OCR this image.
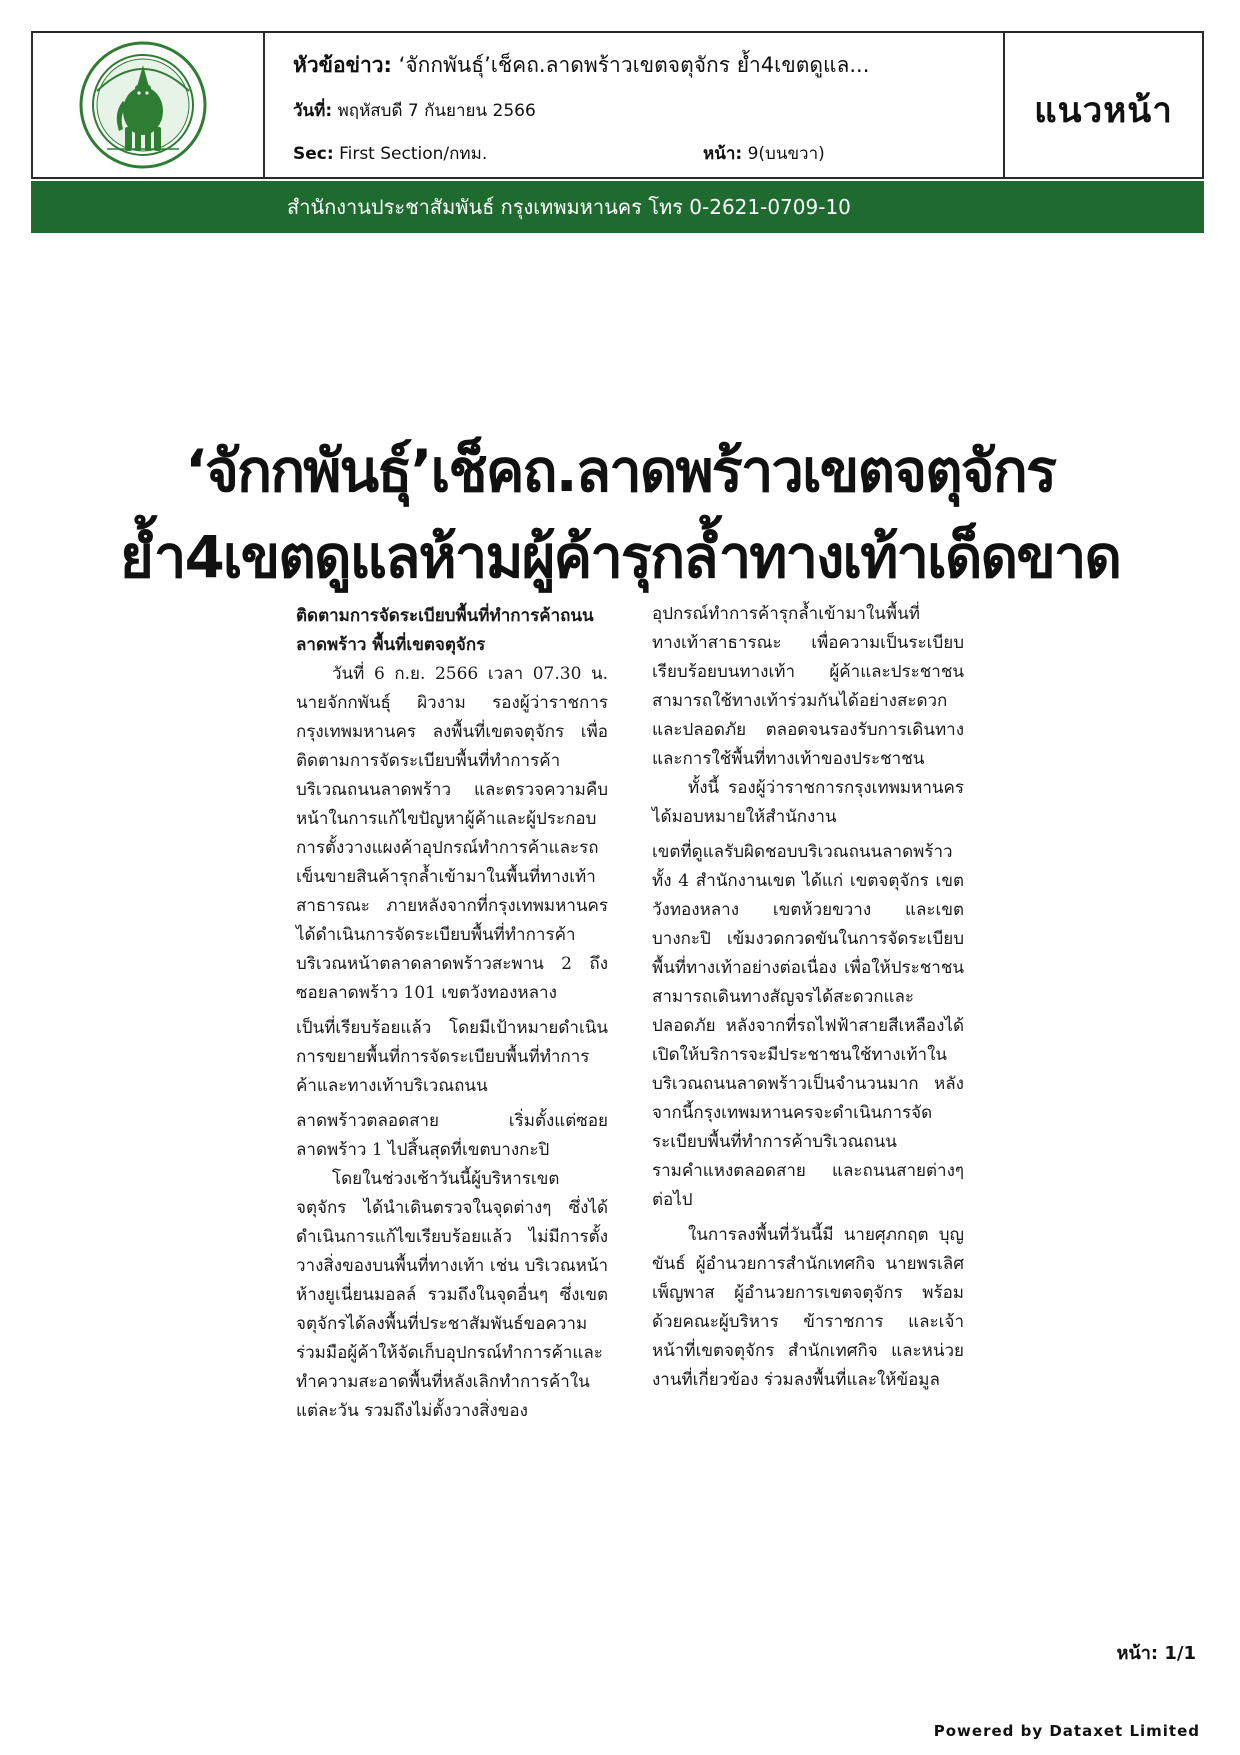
หัวข้อข่าว: ‘จักกพันธุ์’เช็คถ.ลาดพร้าวเขตจตุจักร ย้ำ4เขตดูแล...
วันที่: พฤหัสบดี 7 กันยายน 2566
Sec: First Section/กทม.	หน้า: 9(บนขวา)
แนวหน้า
สำนักงานประชาสัมพันธ์ กรุงเทพมหานคร โทร 0-2621-0709-10
‘จักกพันธุ์’เช็คถ.ลาดพร้าวเขตจตุจักร
ย้ำ4เขตดูแลห้ามผู้ค้ารุกล้ำทางเท้าเด็ดขาด

ติดตามการจัดระเบียบพื้นที่ทำการค้าถนนลาดพร้าว พื้นที่เขตจตุจักร

วันที่ 6 ก.ย. 2566 เวลา 07.30 น. นายจักกพันธุ์ ผิวงาม รองผู้ว่าราชการกรุงเทพมหานคร ลงพื้นที่เขตจตุจักร เพื่อติดตามการจัดระเบียบพื้นที่ทำการค้าบริเวณถนนลาดพร้าว และตรวจความคืบหน้าในการแก้ไขปัญหาผู้ค้าและผู้ประกอบการตั้งวางแผงค้าอุปกรณ์ทำการค้าและรถเข็นขายสินค้ารุกล้ำเข้ามาในพื้นที่ทางเท้าสาธารณะ ภายหลังจากที่กรุงเทพมหานครได้ดำเนินการจัดระเบียบพื้นที่ทำการค้าบริเวณหน้าตลาดลาดพร้าวสะพาน 2 ถึงซอยลาดพร้าว 101 เขตวังทองหลาง

เป็นที่เรียบร้อยแล้ว โดยมีเป้าหมายดำเนินการขยายพื้นที่การจัดระเบียบพื้นที่ทำการค้าและทางเท้าบริเวณถนน

ลาดพร้าวตลอดสาย เริ่มตั้งแต่ซอยลาดพร้าว 1 ไปสิ้นสุดที่เขตบางกะปิ

โดยในช่วงเช้าวันนี้ผู้บริหารเขตจตุจักร ได้นำเดินตรวจในจุดต่างๆ ซึ่งได้ดำเนินการแก้ไขเรียบร้อยแล้ว ไม่มีการตั้งวางสิ่งของบนพื้นที่ทางเท้า เช่น บริเวณหน้าห้างยูเนี่ยนมอลล์ รวมถึงในจุดอื่นๆ ซึ่งเขตจตุจักรได้ลงพื้นที่ประชาสัมพันธ์ขอความร่วมมือผู้ค้าให้จัดเก็บอุปกรณ์ทำการค้าและทำความสะอาดพื้นที่หลังเลิกทำการค้าในแต่ละวัน รวมถึงไม่ตั้งวางสิ่งของ

อุปกรณ์ทำการค้ารุกล้ำเข้ามาในพื้นที่ทางเท้าสาธารณะ เพื่อความเป็นระเบียบเรียบร้อยบนทางเท้า ผู้ค้าและประชาชนสามารถใช้ทางเท้าร่วมกันได้อย่างสะดวกและปลอดภัย ตลอดจนรองรับการเดินทางและการใช้พื้นที่ทางเท้าของประชาชน

ทั้งนี้ รองผู้ว่าราชการกรุงเทพมหานคร ได้มอบหมายให้สำนักงาน

เขตที่ดูแลรับผิดชอบบริเวณถนนลาดพร้าวทั้ง 4 สำนักงานเขต ได้แก่ เขตจตุจักร เขตวังทองหลาง เขตห้วยขวาง และเขตบางกะปิ เข้มงวดกวดขันในการจัดระเบียบพื้นที่ทางเท้าอย่างต่อเนื่อง เพื่อให้ประชาชนสามารถเดินทางสัญจรได้สะดวกและปลอดภัย หลังจากที่รถไฟฟ้าสายสีเหลืองได้เปิดให้บริการจะมีประชาชนใช้ทางเท้าในบริเวณถนนลาดพร้าวเป็นจำนวนมาก หลังจากนี้กรุงเทพมหานครจะดำเนินการจัดระเบียบพื้นที่ทำการค้าบริเวณถนนรามคำแหงตลอดสาย และถนนสายต่างๆ ต่อไป

ในการลงพื้นที่วันนี้มี นายศุภกฤต บุญขันธ์ ผู้อำนวยการสำนักเทศกิจ นายพรเลิศ เพ็ญพาส ผู้อำนวยการเขตจตุจักร พร้อมด้วยคณะผู้บริหาร ข้าราชการ และเจ้าหน้าที่เขตจตุจักร สำนักเทศกิจ และหน่วยงานที่เกี่ยวข้อง ร่วมลงพื้นที่และให้ข้อมูล

หน้า: 1/1
Powered by Dataxet Limited
